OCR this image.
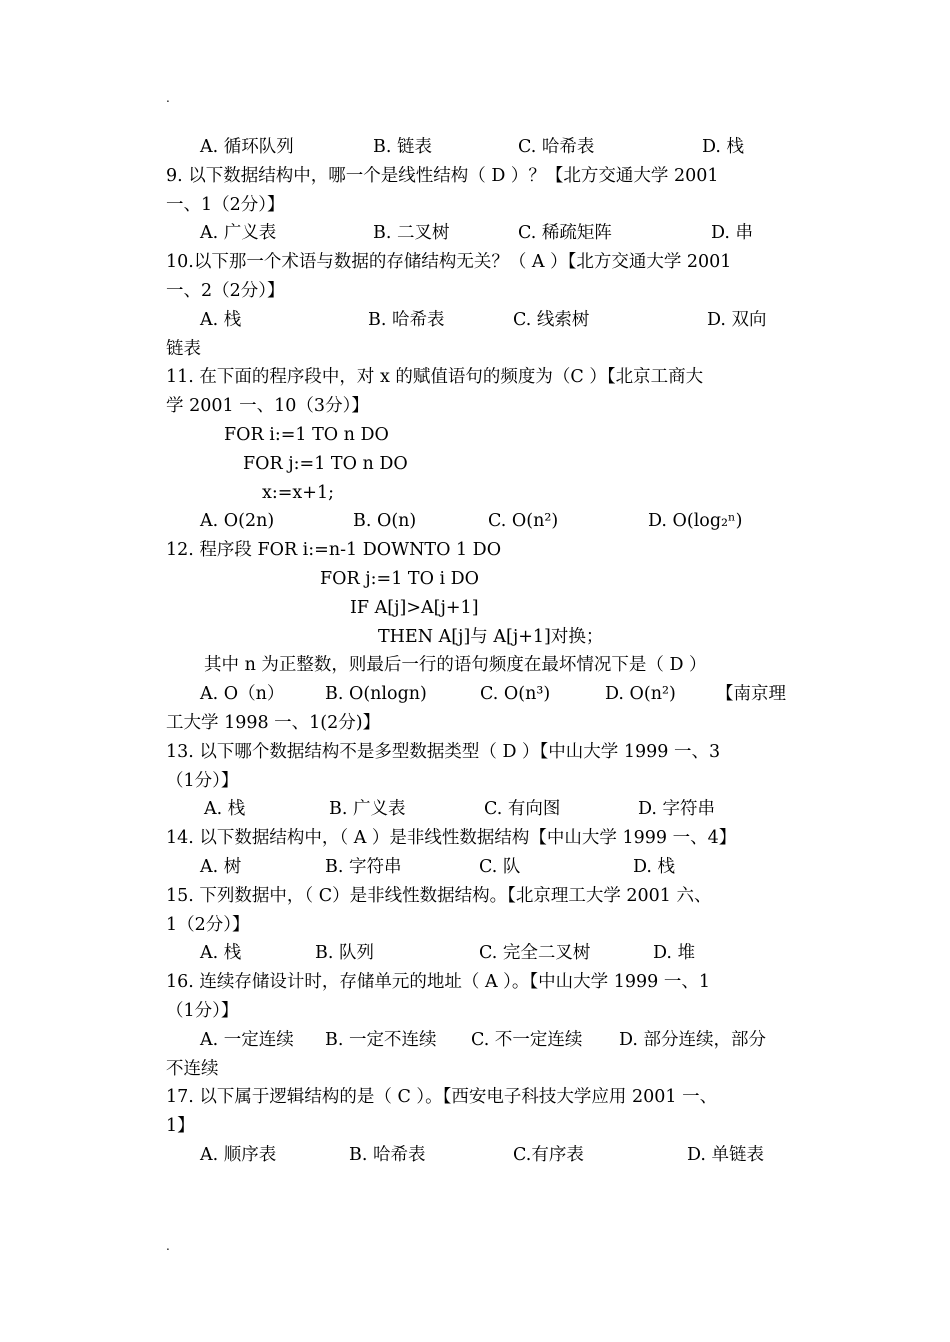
.
A. 循环队列	B. 链表	C. 哈希表	D. 栈
9. 以下数据结构中，哪一个是线性结构（ D ）？【北方交通大学 2001
一、1（2分）】
A. 广义表	B. 二叉树	C. 稀疏矩阵	D. 串
10.以下那一个术语与数据的存储结构无关？（ A ）【北方交通大学 2001
一、2（2分）】
A. 栈	B. 哈希表	C. 线索树	D. 双向
链表
11. 在下面的程序段中，对 x 的赋值语句的频度为（C ）【北京工商大
学 2001 一、10（3分）】
FOR i:=1 TO n DO
FOR j:=1 TO n DO
x:=x+1;
A. O(2n)	B. O(n)	C. O(n²)	D. O(log₂ⁿ)
12. 程序段 FOR i:=n-1 DOWNTO 1 DO
FOR j:=1 TO i DO
IF A[j]>A[j+1]
THEN A[j]与 A[j+1]对换；
其中 n 为正整数，则最后一行的语句频度在最坏情况下是（ D ）
A. O（n） B. O(nlogn)	C. O(n³)	D. O(n²) 【南京理
工大学 1998 一、1(2分)】
13. 以下哪个数据结构不是多型数据类型（ D ）【中山大学 1999 一、3
（1分）】
A. 栈	B. 广义表	C. 有向图	D. 字符串
14. 以下数据结构中，（ A ）是非线性数据结构【中山大学 1999 一、4】
A. 树	B. 字符串	C. 队	D. 栈
15. 下列数据中，（ C）是非线性数据结构。【北京理工大学 2001 六、
1（2分）】
A. 栈	B. 队列	C. 完全二叉树	D. 堆
16. 连续存储设计时，存储单元的地址（ A ）。【中山大学 1999 一、1
（1分）】
A. 一定连续 B. 一定不连续 C. 不一定连续 D. 部分连续，部分
不连续
17. 以下属于逻辑结构的是（ C ）。【西安电子科技大学应用 2001 一、
1】
A. 顺序表	B. 哈希表	C.有序表	D. 单链表
.
